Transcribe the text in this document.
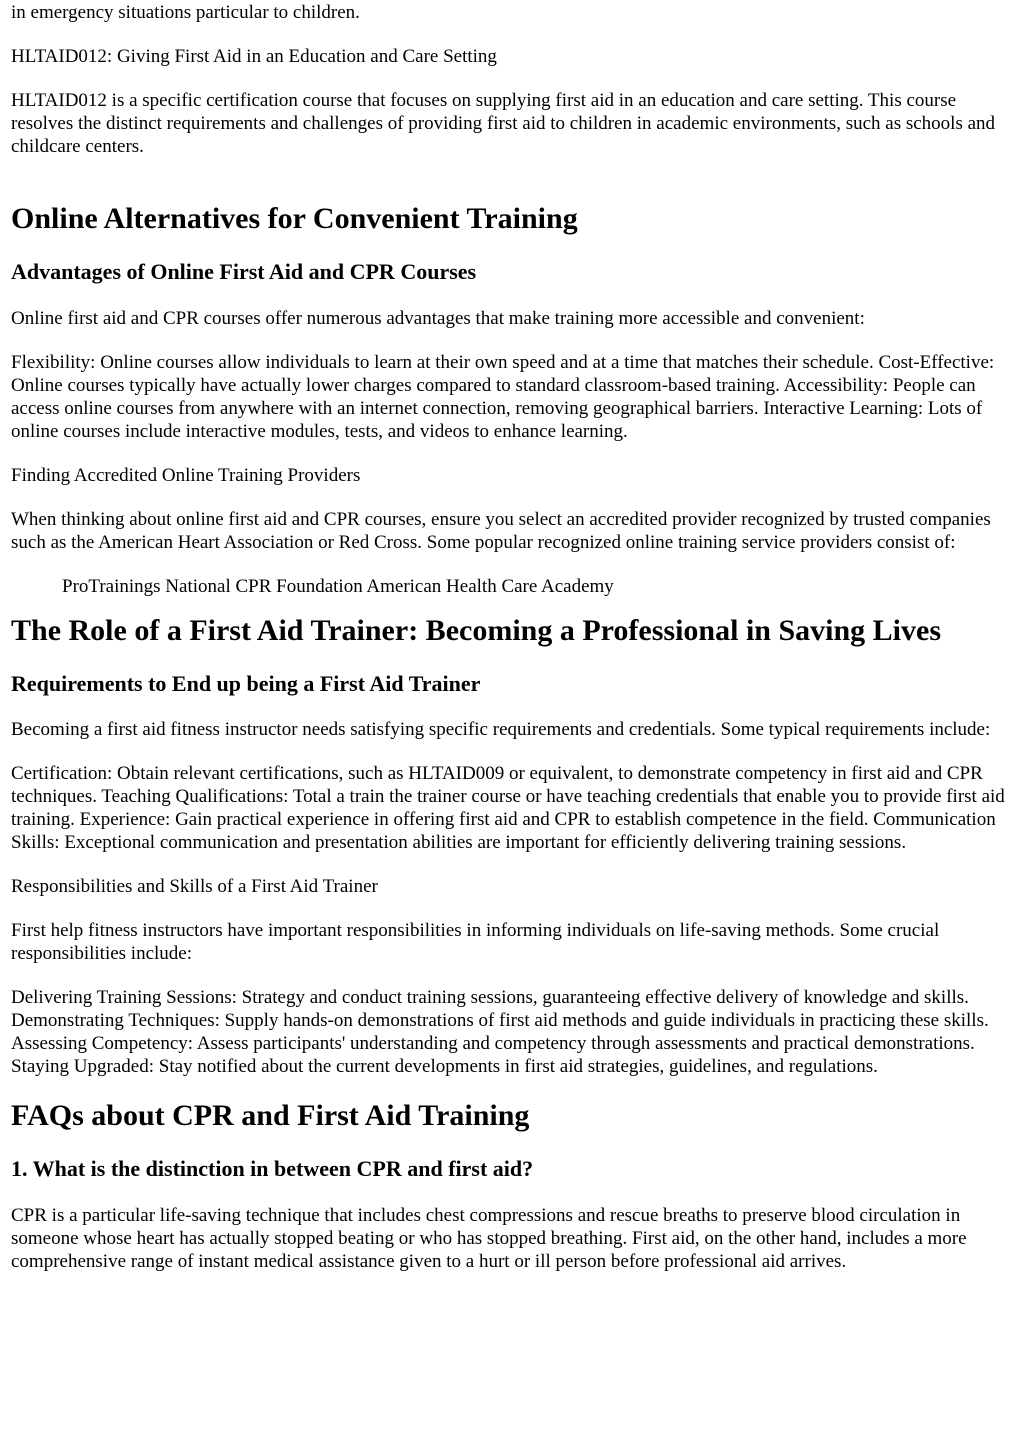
in emergency situations particular to children.

HLTAID012: Giving First Aid in an Education and Care Setting

HLTAID012 is a specific certification course that focuses on supplying first aid in an education and care setting. This course resolves the distinct requirements and challenges of providing first aid to children in academic environments, such as schools and childcare centers.

Online Alternatives for Convenient Training
Advantages of Online First Aid and CPR Courses

Online first aid and CPR courses offer numerous advantages that make training more accessible and convenient:

Flexibility: Online courses allow individuals to learn at their own speed and at a time that matches their schedule. Cost-Effective: Online courses typically have actually lower charges compared to standard classroom-based training. Accessibility: People can access online courses from anywhere with an internet connection, removing geographical barriers. Interactive Learning: Lots of online courses include interactive modules, tests, and videos to enhance learning.

Finding Accredited Online Training Providers

When thinking about online first aid and CPR courses, ensure you select an accredited provider recognized by trusted companies such as the American Heart Association or Red Cross. Some popular recognized online training service providers consist of:

ProTrainings National CPR Foundation American Health Care Academy

The Role of a First Aid Trainer: Becoming a Professional in Saving Lives
Requirements to End up being a First Aid Trainer

Becoming a first aid fitness instructor needs satisfying specific requirements and credentials. Some typical requirements include:

Certification: Obtain relevant certifications, such as HLTAID009 or equivalent, to demonstrate competency in first aid and CPR techniques. Teaching Qualifications: Total a train the trainer course or have teaching credentials that enable you to provide first aid training. Experience: Gain practical experience in offering first aid and CPR to establish competence in the field. Communication Skills: Exceptional communication and presentation abilities are important for efficiently delivering training sessions.

Responsibilities and Skills of a First Aid Trainer

First help fitness instructors have important responsibilities in informing individuals on life-saving methods. Some crucial responsibilities include:

Delivering Training Sessions: Strategy and conduct training sessions, guaranteeing effective delivery of knowledge and skills. Demonstrating Techniques: Supply hands-on demonstrations of first aid methods and guide individuals in practicing these skills. Assessing Competency: Assess participants' understanding and competency through assessments and practical demonstrations. Staying Upgraded: Stay notified about the current developments in first aid strategies, guidelines, and regulations.

FAQs about CPR and First Aid Training
1. What is the distinction in between CPR and first aid?

CPR is a particular life-saving technique that includes chest compressions and rescue breaths to preserve blood circulation in someone whose heart has actually stopped beating or who has stopped breathing. First aid, on the other hand, includes a more comprehensive range of instant medical assistance given to a hurt or ill person before professional aid arrives.
